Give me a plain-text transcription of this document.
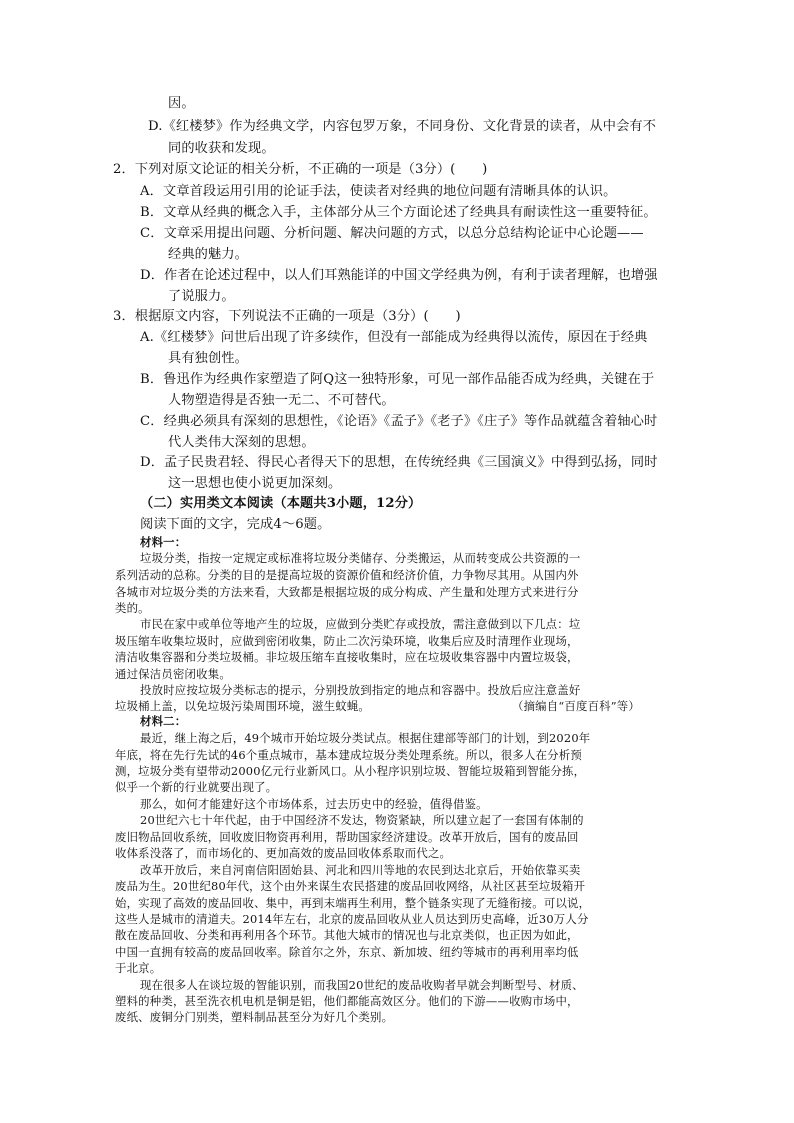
因。
D.《红楼梦》作为经典文学，内容包罗万象，不同身份、文化背景的读者，从中会有不
同的收获和发现。
2．下列对原文论证的相关分析，不正确的一项是（3分）(　　)
A．文章首段运用引用的论证手法，使读者对经典的地位问题有清晰具体的认识。
B．文章从经典的概念入手，主体部分从三个方面论述了经典具有耐读性这一重要特征。
C．文章采用提出问题、分析问题、解决问题的方式，以总分总结构论证中心论题——
经典的魅力。
D．作者在论述过程中，以人们耳熟能详的中国文学经典为例，有利于读者理解，也增强
了说服力。
3．根据原文内容，下列说法不正确的一项是（3分）(　　)
A.《红楼梦》问世后出现了许多续作，但没有一部能成为经典得以流传，原因在于经典
具有独创性。
B．鲁迅作为经典作家塑造了阿Q这一独特形象，可见一部作品能否成为经典，关键在于
人物塑造得是否独一无二、不可替代。
C．经典必须具有深刻的思想性，《论语》《孟子》《老子》《庄子》等作品就蕴含着轴心时
代人类伟大深刻的思想。
D．孟子民贵君轻、得民心者得天下的思想，在传统经典《三国演义》中得到弘扬，同时
这一思想也使小说更加深刻。
（二）实用类文本阅读（本题共3小题，12分）
阅读下面的文字，完成4～6题。
材料一：
垃圾分类，指按一定规定或标准将垃圾分类储存、分类搬运，从而转变成公共资源的一
系列活动的总称。分类的目的是提高垃圾的资源价值和经济价值，力争物尽其用。从国内外
各城市对垃圾分类的方法来看，大致都是根据垃圾的成分构成、产生量和处理方式来进行分
类的。
市民在家中或单位等地产生的垃圾，应做到分类贮存或投放，需注意做到以下几点：垃
圾压缩车收集垃圾时，应做到密闭收集，防止二次污染环境，收集后应及时清理作业现场，
清洁收集容器和分类垃圾桶。非垃圾压缩车直接收集时，应在垃圾收集容器中内置垃圾袋，
通过保洁员密闭收集。
投放时应按垃圾分类标志的提示，分别投放到指定的地点和容器中。投放后应注意盖好
垃圾桶上盖，以免垃圾污染周围环境，滋生蚊蝇。	（摘编自“百度百科”等）
材料二：
最近，继上海之后，49个城市开始垃圾分类试点。根据住建部等部门的计划，到2020年
年底，将在先行先试的46个重点城市，基本建成垃圾分类处理系统。所以，很多人在分析预
测，垃圾分类有望带动2000亿元行业新风口。从小程序识别垃圾、智能垃圾箱到智能分拣，
似乎一个新的行业就要出现了。
那么，如何才能建好这个市场体系，过去历史中的经验，值得借鉴。
20世纪六七十年代起，由于中国经济不发达，物资紧缺，所以建立起了一套国有体制的
废旧物品回收系统，回收废旧物资再利用，帮助国家经济建设。改革开放后，国有的废品回
收体系没落了，而市场化的、更加高效的废品回收体系取而代之。
改革开放后，来自河南信阳固始县、河北和四川等地的农民到达北京后，开始依靠买卖
废品为生。20世纪80年代，这个由外来谋生农民搭建的废品回收网络，从社区甚至垃圾箱开
始，实现了高效的废品回收、集中，再到末端再生利用，整个链条实现了无缝衔接。可以说，
这些人是城市的清道夫。2014年左右，北京的废品回收从业人员达到历史高峰，近30万人分
散在废品回收、分类和再利用各个环节。其他大城市的情况也与北京类似，也正因为如此，
中国一直拥有较高的废品回收率。除首尔之外，东京、新加坡、纽约等城市的再利用率均低
于北京。
现在很多人在谈垃圾的智能识别，而我国20世纪的废品收购者早就会判断型号、材质、
塑料的种类，甚至洗衣机电机是铜是铝，他们都能高效区分。他们的下游——收购市场中，
废纸、废铜分门别类，塑料制品甚至分为好几个类别。
